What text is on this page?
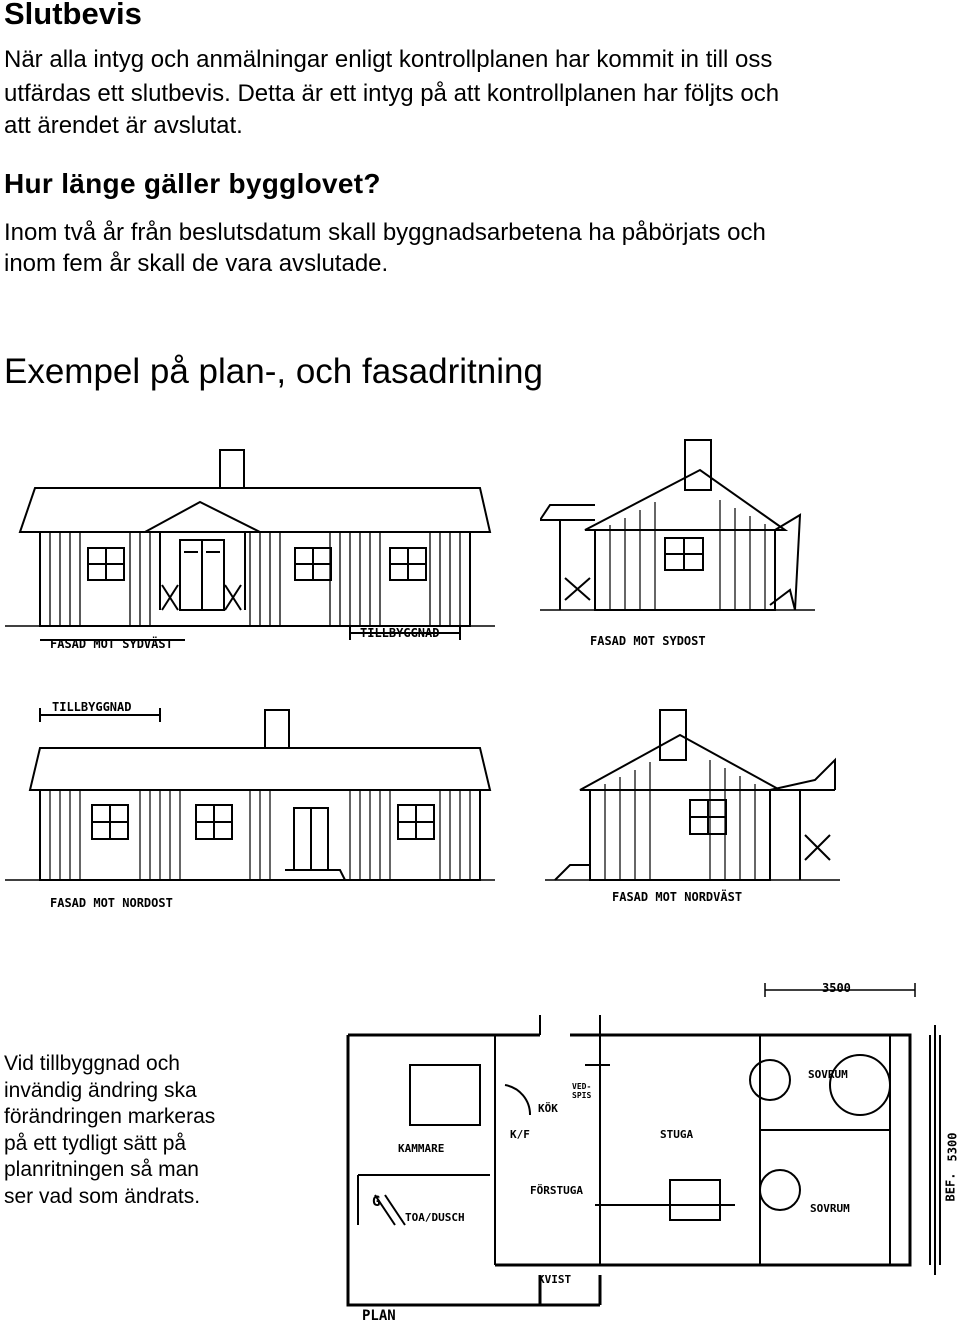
Slutbevis

När alla intyg och anmälningar enligt kontrollplanen har kommit in till oss

utfärdas ett slutbevis. Detta är ett intyg på att kontrollplanen har följts och

att ärendet är avslutat.

Hur länge gäller bygglovet?

Inom två år från beslutsdatum skall byggnadsarbetena ha påbörjats och

inom fem år skall de vara avslutade.

Exempel på plan-, och fasadritning

FASAD MOT SYDVÄST
TILLBYGGNAD
FASAD MOT SYDOST
TILLBYGGNAD
FASAD MOT NORDOST	FASAD MOT NORDVÄST
3500
5300
BEF.
SOVRUM
KÖK
STUGA
KAMMARE
FÖRSTUGA
SOVRUM
TOA/DUSCH
KVIST
VED-SPIS
K/F
G
PLAN
Vid tillbyggnad och
invändig ändring ska
förändringen markeras
på ett tydligt sätt på
planritningen så man
ser vad som ändrats.
